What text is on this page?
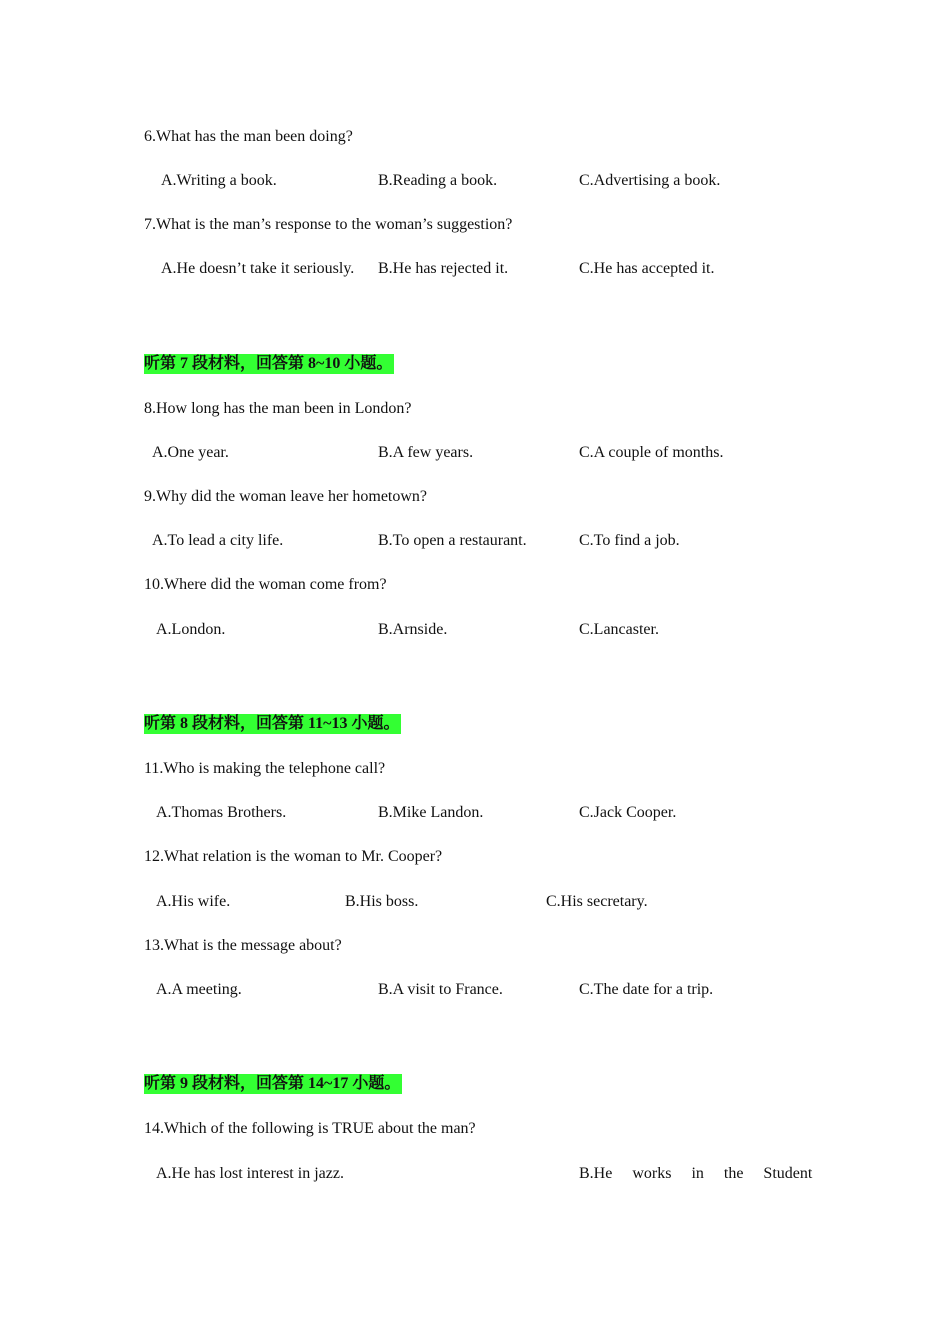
6.What has the man been doing?
A.Writing a book.	B.Reading a book.	C.Advertising a book.
7.What is the man’s response to the woman’s suggestion?
A.He doesn’t take it seriously. B.He has rejected it.	C.He has accepted it.
听第 7 段材料，回答第 8~10 小题。
8.How long has the man been in London?
A.One year.	B.A few years.	C.A couple of months.
9.Why did the woman leave her hometown?
A.To lead a city life.	B.To open a restaurant.	C.To find a job.
10.Where did the woman come from?
A.London.	B.Arnside.	C.Lancaster.
听第 8 段材料，回答第 11~13 小题。
11.Who is making the telephone call?
A.Thomas Brothers.	B.Mike Landon.	C.Jack Cooper.
12.What relation is the woman to Mr. Cooper?
A.His wife.	B.His boss.	C.His secretary.
13.What is the message about?
A.A meeting.	B.A visit to France.	C.The date for a trip.
听第 9 段材料，回答第 14~17 小题。
14.Which of the following is TRUE about the man?
A.He has lost interest in jazz.	B.He works in the Student
